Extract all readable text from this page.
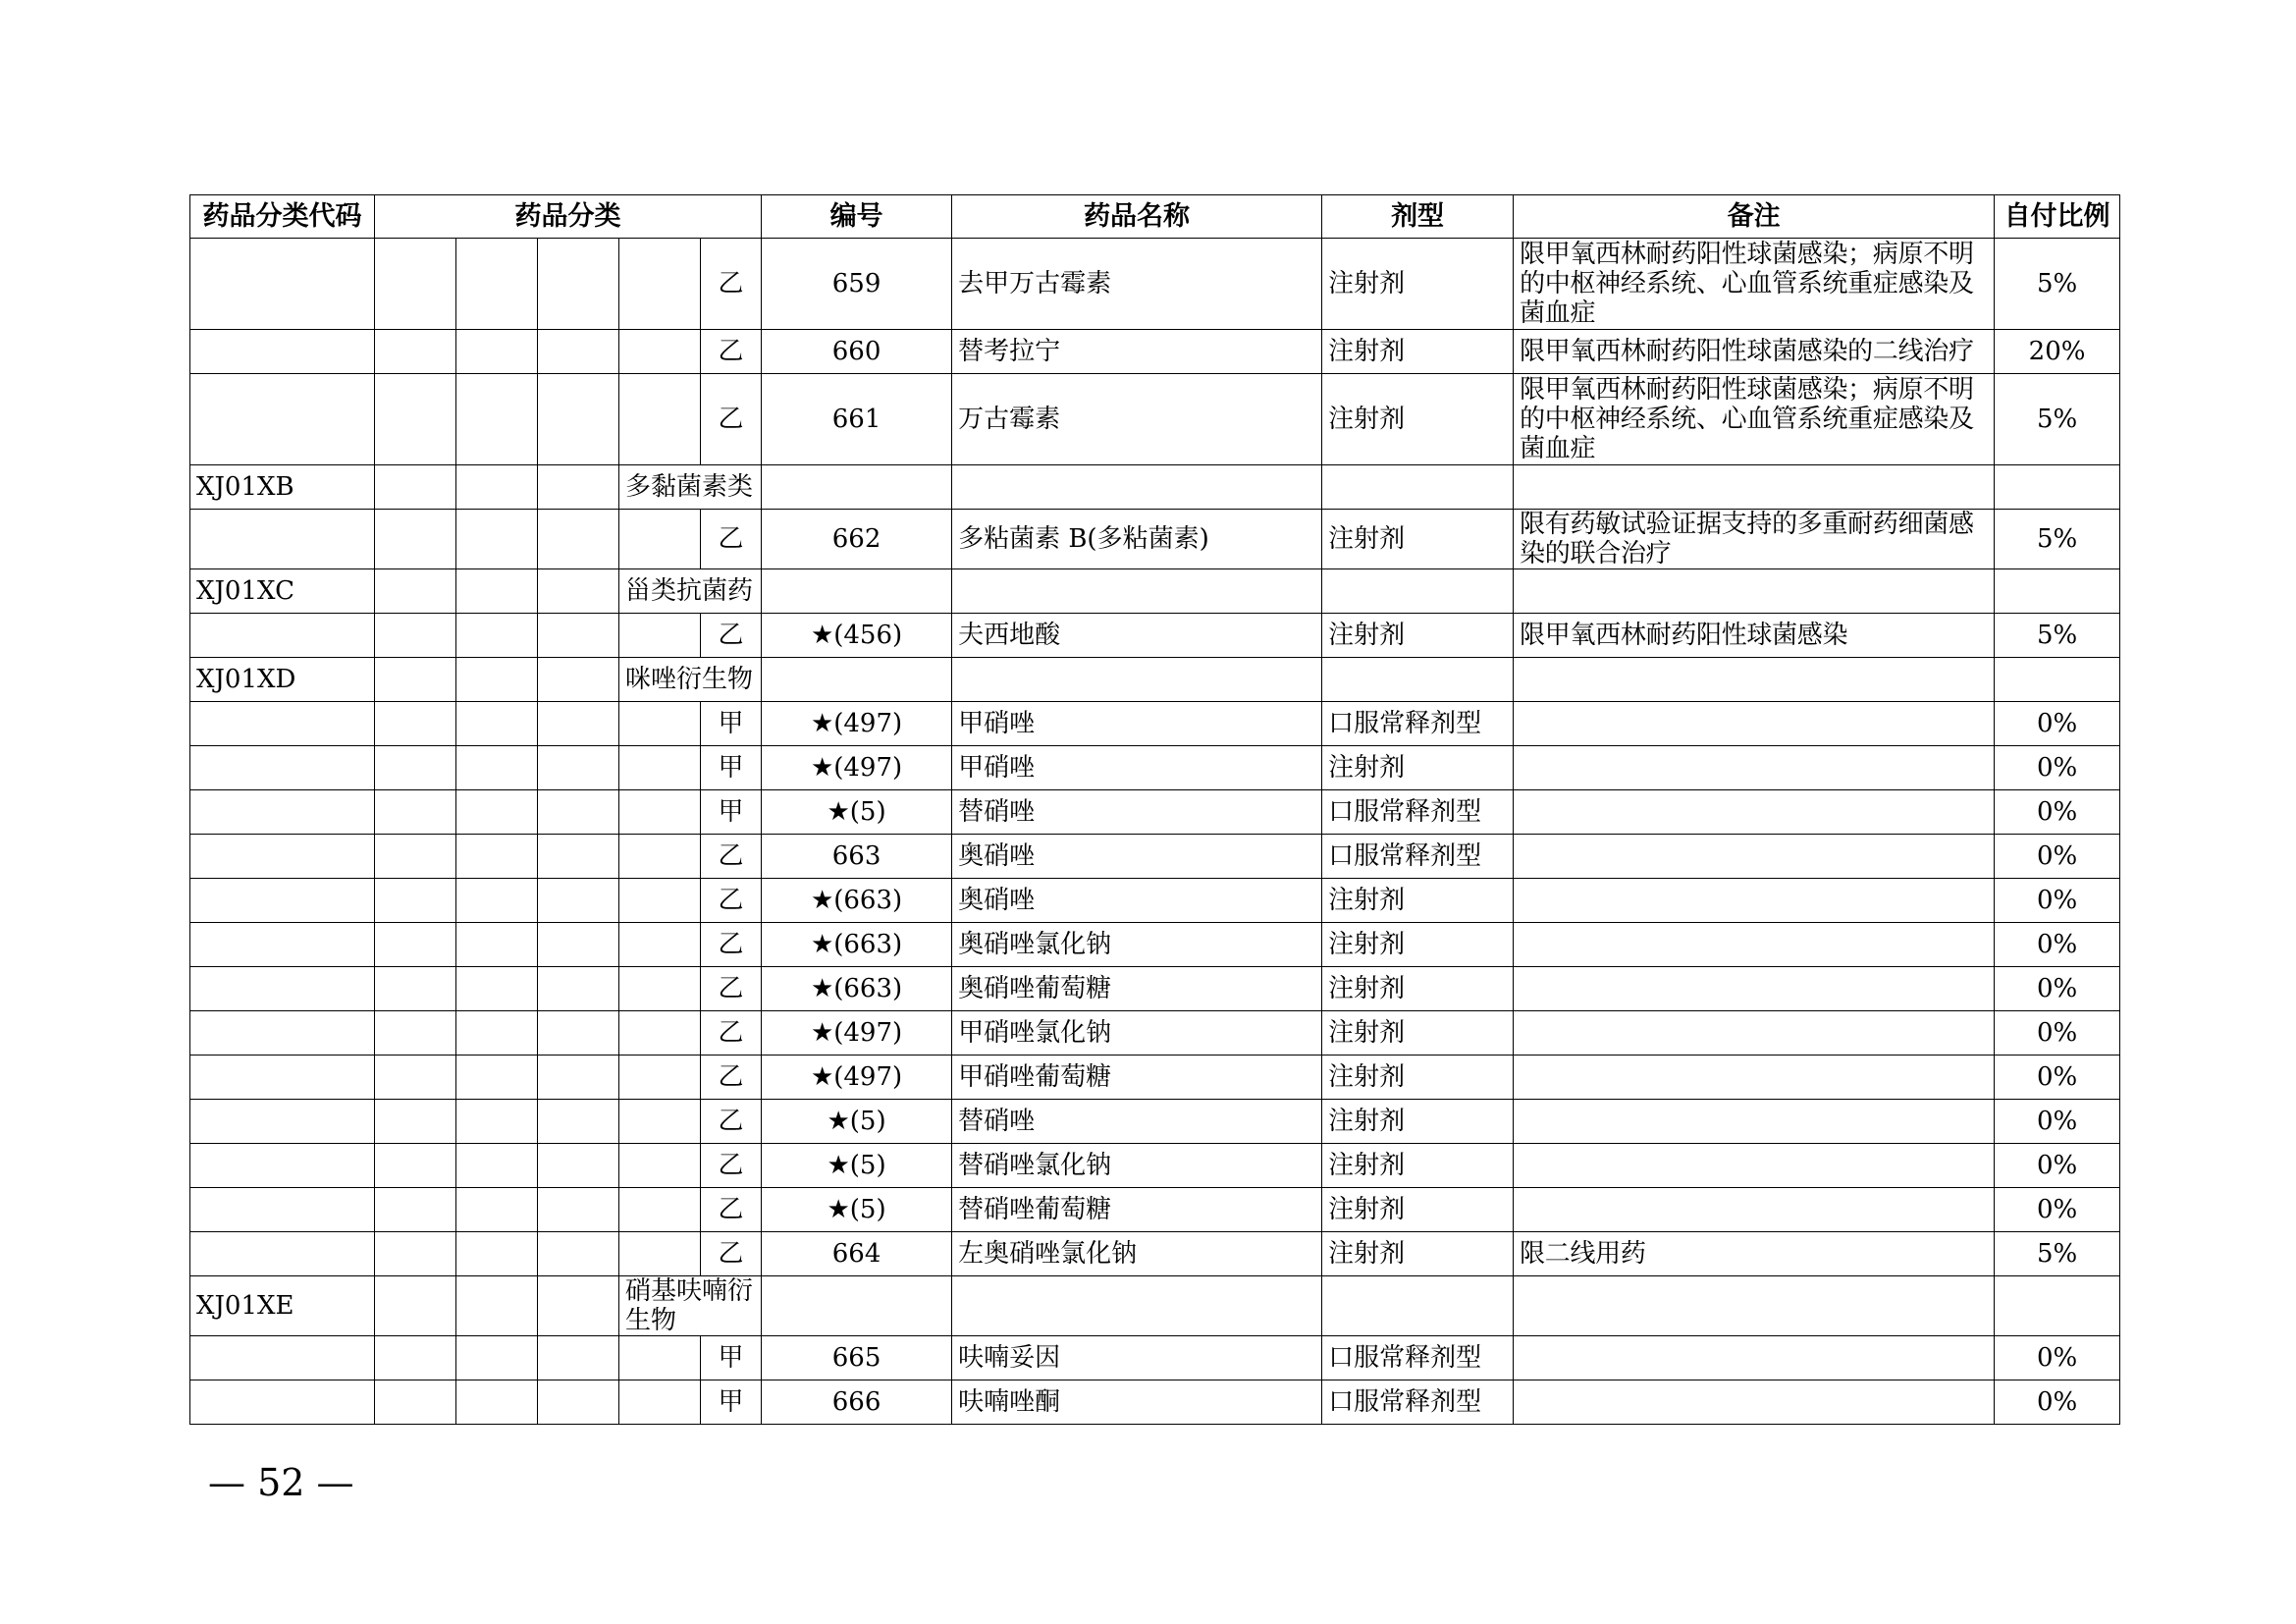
药品分类代码	药品分类					编号	药品名称	剂型	备注	自付比例
					乙	659	去甲万古霉素	注射剂	限甲氧西林耐药阳性球菌感染；病原不明的中枢神经系统、心血管系统重症感染及菌血症	5%
					乙	660	替考拉宁	注射剂	限甲氧西林耐药阳性球菌感染的二线治疗	20%
					乙	661	万古霉素	注射剂	限甲氧西林耐药阳性球菌感染；病原不明的中枢神经系统、心血管系统重症感染及菌血症	5%
XJ01XB				多黏菌素类						
					乙	662	多粘菌素 B(多粘菌素)	注射剂	限有药敏试验证据支持的多重耐药细菌感染的联合治疗	5%
XJ01XC				甾类抗菌药						
					乙	★(456)	夫西地酸	注射剂	限甲氧西林耐药阳性球菌感染	5%
XJ01XD				咪唑衍生物						
					甲	★(497)	甲硝唑	口服常释剂型		0%
					甲	★(497)	甲硝唑	注射剂		0%
					甲	★(5)	替硝唑	口服常释剂型		0%
					乙	663	奥硝唑	口服常释剂型		0%
					乙	★(663)	奥硝唑	注射剂		0%
					乙	★(663)	奥硝唑氯化钠	注射剂		0%
					乙	★(663)	奥硝唑葡萄糖	注射剂		0%
					乙	★(497)	甲硝唑氯化钠	注射剂		0%
					乙	★(497)	甲硝唑葡萄糖	注射剂		0%
					乙	★(5)	替硝唑	注射剂		0%
					乙	★(5)	替硝唑氯化钠	注射剂		0%
					乙	★(5)	替硝唑葡萄糖	注射剂		0%
					乙	664	左奥硝唑氯化钠	注射剂	限二线用药	5%
XJ01XE				硝基呋喃衍生物						
					甲	665	呋喃妥因	口服常释剂型		0%
					甲	666	呋喃唑酮	口服常释剂型		0%
— 52 —
